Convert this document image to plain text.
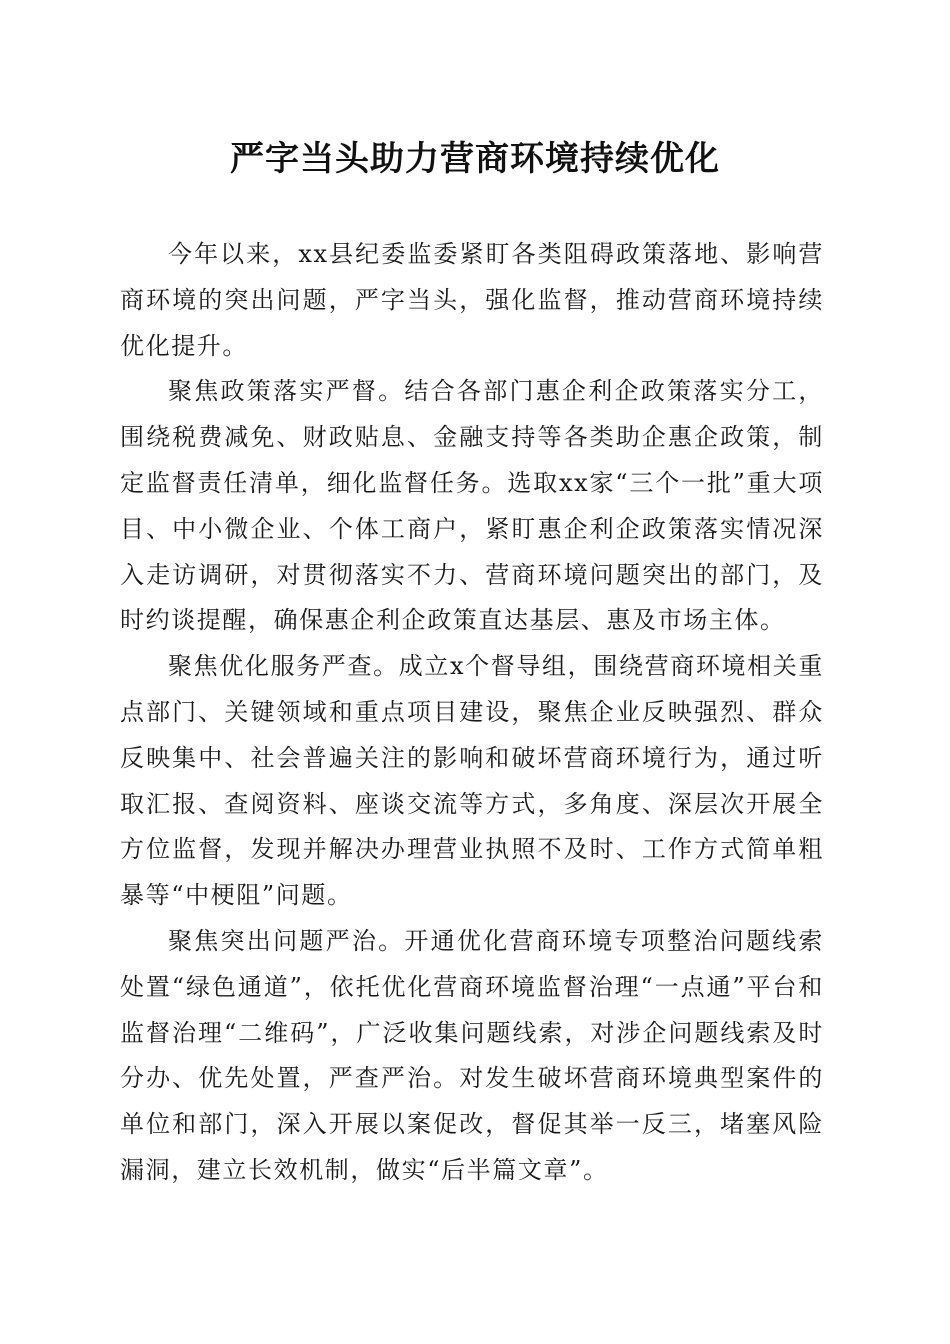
严字当头助力营商环境持续优化

今年以来，xx县纪委监委紧盯各类阻碍政策落地、影响营商环境的突出问题，严字当头，强化监督，推动营商环境持续优化提升。

聚焦政策落实严督。结合各部门惠企利企政策落实分工，围绕税费减免、财政贴息、金融支持等各类助企惠企政策，制定监督责任清单，细化监督任务。选取xx家“三个一批”重大项目、中小微企业、个体工商户，紧盯惠企利企政策落实情况深入走访调研，对贯彻落实不力、营商环境问题突出的部门，及时约谈提醒，确保惠企利企政策直达基层、惠及市场主体。

聚焦优化服务严查。成立x个督导组，围绕营商环境相关重点部门、关键领域和重点项目建设，聚焦企业反映强烈、群众反映集中、社会普遍关注的影响和破坏营商环境行为，通过听取汇报、查阅资料、座谈交流等方式，多角度、深层次开展全方位监督，发现并解决办理营业执照不及时、工作方式简单粗暴等“中梗阻”问题。

聚焦突出问题严治。开通优化营商环境专项整治问题线索处置“绿色通道”，依托优化营商环境监督治理“一点通”平台和监督治理“二维码”，广泛收集问题线索，对涉企问题线索及时分办、优先处置，严查严治。对发生破坏营商环境典型案件的单位和部门，深入开展以案促改，督促其举一反三，堵塞风险漏洞，建立长效机制，做实“后半篇文章”。
